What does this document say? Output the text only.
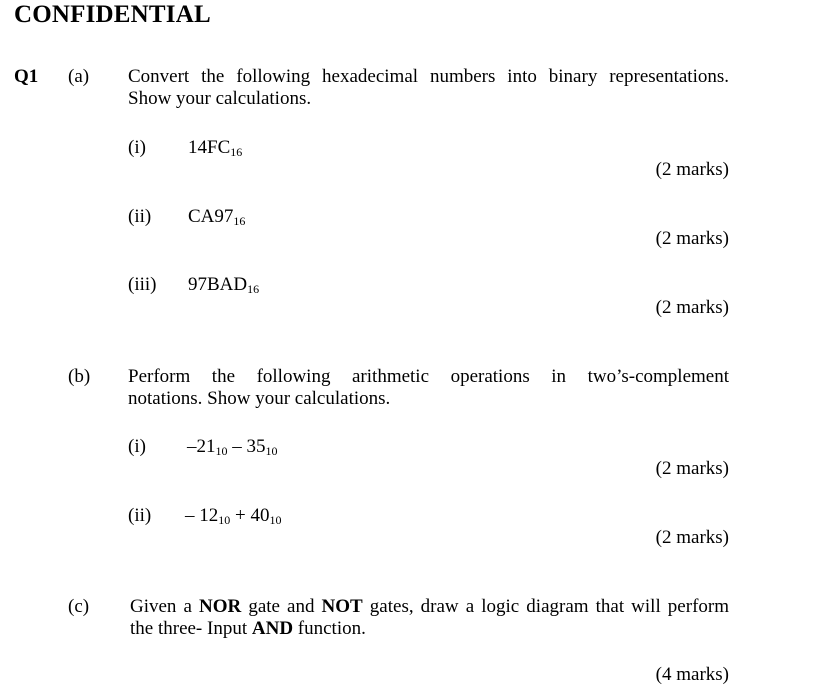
CONFIDENTIAL
Q1 (a) Convert the following hexadecimal numbers into binary representations.
Show your calculations.
(i) $14FC_{16}$
(2 marks)
(ii) $CA97_{16}$
(2 marks)
(iii) $97BAD_{16}$
(2 marks)
(b) Perform the following arithmetic operations in two’s-complement
notations. Show your calculations.
(i) $-21_{10} - 35_{10}$
(2 marks)
$(ii) - 12_{10} + 40_{10}$
(2 marks)
(c) Given a NOR gate and NOT gates, draw a logic diagram that will perform
the three- Input AND function.
(4 marks)
